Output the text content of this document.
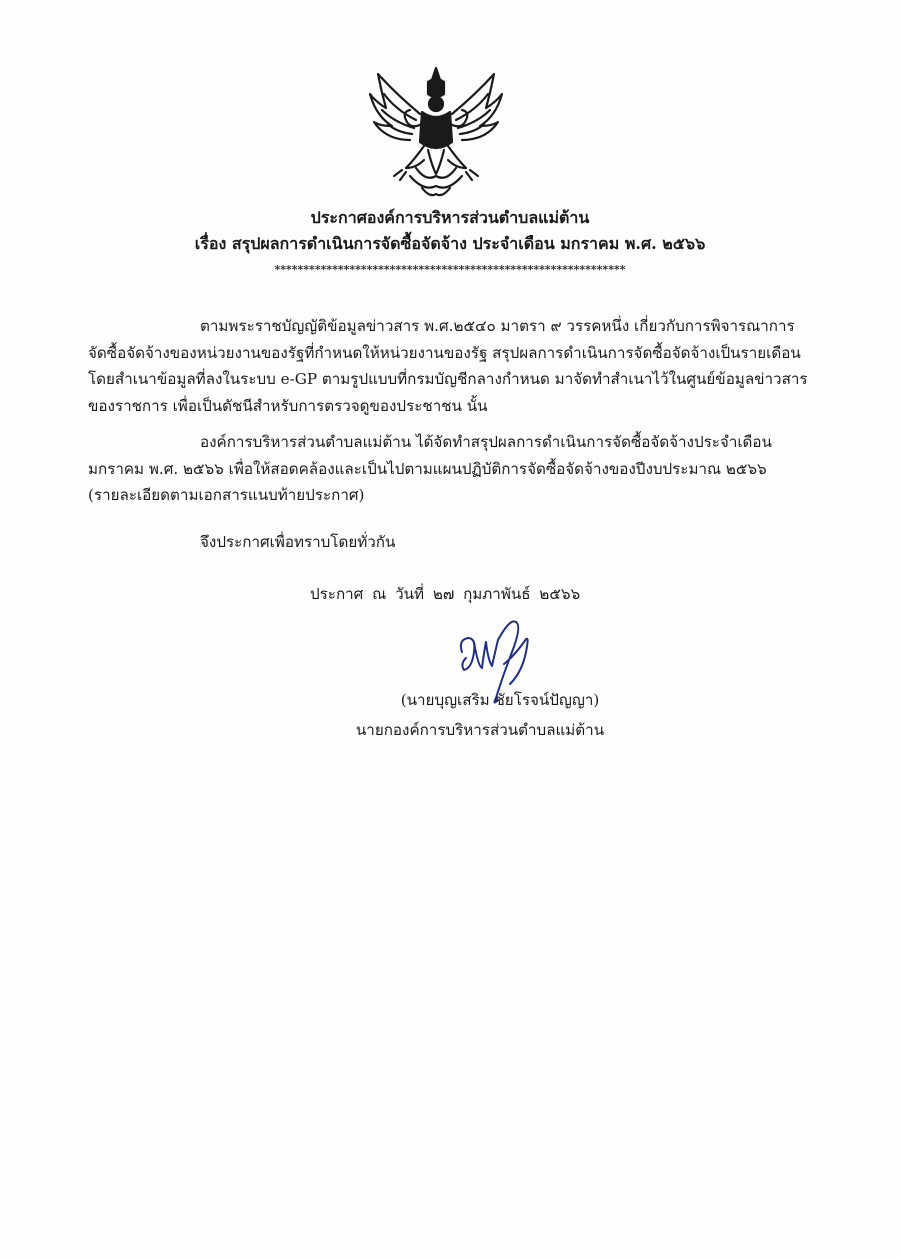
ประกาศองค์การบริหารส่วนตำบลแม่ต้าน
เรื่อง สรุปผลการดำเนินการจัดซื้อจัดจ้าง ประจำเดือน มกราคม พ.ศ. ๒๕๖๖
*************************************************************
ตามพระราชบัญญัติข้อมูลข่าวสาร พ.ศ.๒๕๔๐ มาตรา ๙ วรรคหนึ่ง เกี่ยวกับการพิจารณาการ
จัดซื้อจัดจ้างของหน่วยงานของรัฐที่กำหนดให้หน่วยงานของรัฐ สรุปผลการดำเนินการจัดซื้อจัดจ้างเป็นรายเดือน
โดยสำเนาข้อมูลที่ลงในระบบ e-GP ตามรูปแบบที่กรมบัญชีกลางกำหนด มาจัดทำสำเนาไว้ในศูนย์ข้อมูลข่าวสาร
ของราชการ เพื่อเป็นดัชนีสำหรับการตรวจดูของประชาชน นั้น
องค์การบริหารส่วนตำบลแม่ต้าน ได้จัดทำสรุปผลการดำเนินการจัดซื้อจัดจ้างประจำเดือน
มกราคม พ.ศ. ๒๕๖๖ เพื่อให้สอดคล้องและเป็นไปตามแผนปฏิบัติการจัดซื้อจัดจ้างของปีงบประมาณ ๒๕๖๖
(รายละเอียดตามเอกสารแนบท้ายประกาศ)
จึงประกาศเพื่อทราบโดยทั่วกัน
ประกาศ ณ วันที่ ๒๗ กุมภาพันธ์ ๒๕๖๖
(นายบุญเสริม ชัยโรจน์ปัญญา)
นายกองค์การบริหารส่วนตำบลแม่ต้าน
